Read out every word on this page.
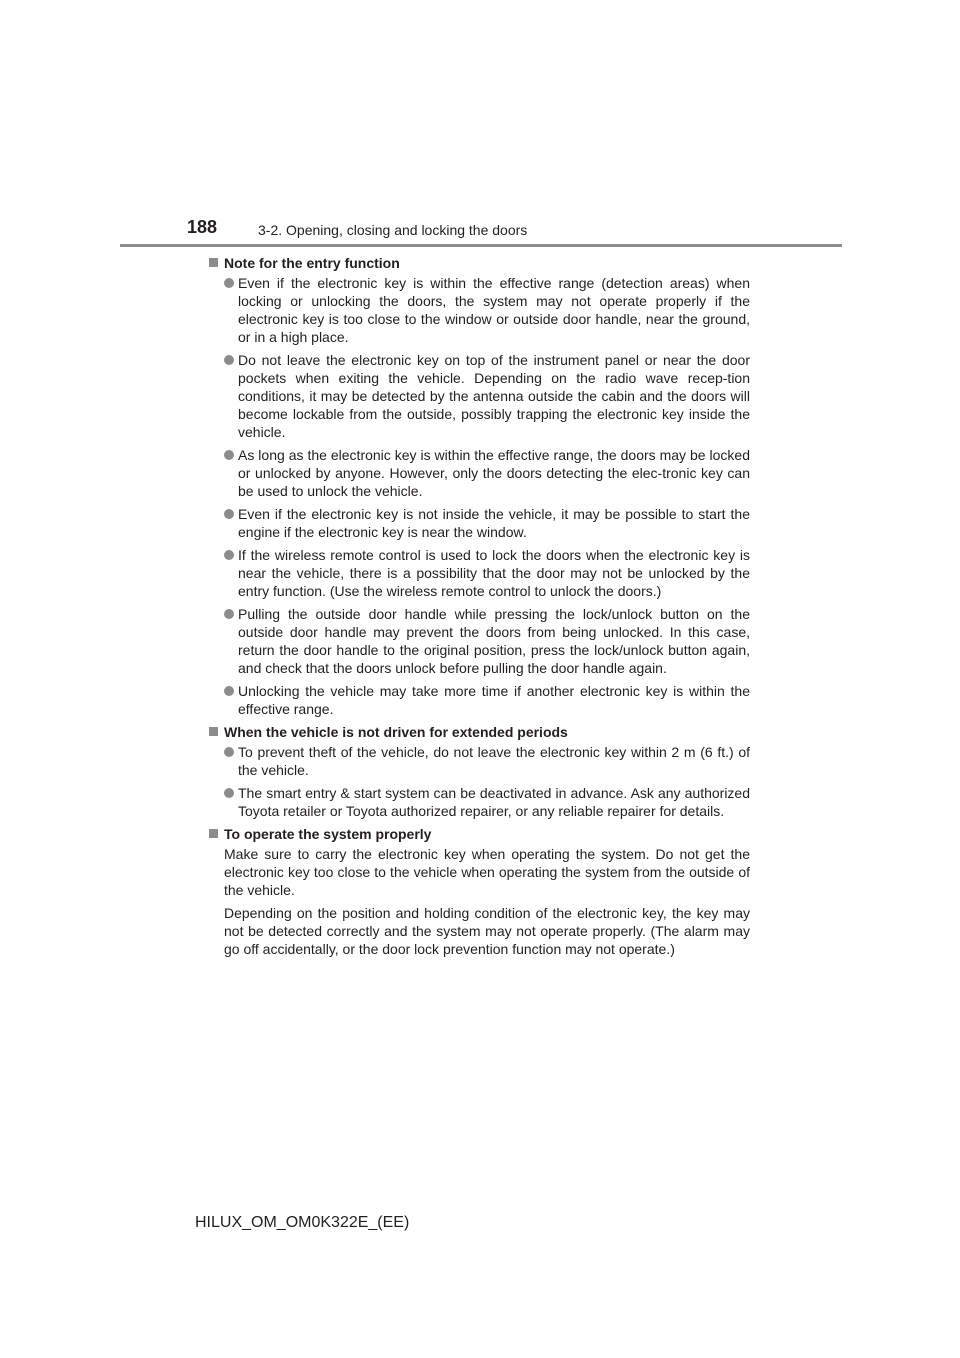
188	3-2. Opening, closing and locking the doors
Note for the entry function
Even if the electronic key is within the effective range (detection areas) when locking or unlocking the doors, the system may not operate properly if the electronic key is too close to the window or outside door handle, near the ground, or in a high place.
Do not leave the electronic key on top of the instrument panel or near the door pockets when exiting the vehicle. Depending on the radio wave recep-tion conditions, it may be detected by the antenna outside the cabin and the doors will become lockable from the outside, possibly trapping the electronic key inside the vehicle.
As long as the electronic key is within the effective range, the doors may be locked or unlocked by anyone. However, only the doors detecting the elec-tronic key can be used to unlock the vehicle.
Even if the electronic key is not inside the vehicle, it may be possible to start the engine if the electronic key is near the window.
If the wireless remote control is used to lock the doors when the electronic key is near the vehicle, there is a possibility that the door may not be unlocked by the entry function. (Use the wireless remote control to unlock the doors.)
Pulling the outside door handle while pressing the lock/unlock button on the outside door handle may prevent the doors from being unlocked. In this case, return the door handle to the original position, press the lock/unlock button again, and check that the doors unlock before pulling the door handle again.
Unlocking the vehicle may take more time if another electronic key is within the effective range.
When the vehicle is not driven for extended periods
To prevent theft of the vehicle, do not leave the electronic key within 2 m (6 ft.) of the vehicle.
The smart entry & start system can be deactivated in advance. Ask any authorized Toyota retailer or Toyota authorized repairer, or any reliable repairer for details.
To operate the system properly
Make sure to carry the electronic key when operating the system. Do not get the electronic key too close to the vehicle when operating the system from the outside of the vehicle.
Depending on the position and holding condition of the electronic key, the key may not be detected correctly and the system may not operate properly. (The alarm may go off accidentally, or the door lock prevention function may not operate.)
HILUX_OM_OM0K322E_(EE)
